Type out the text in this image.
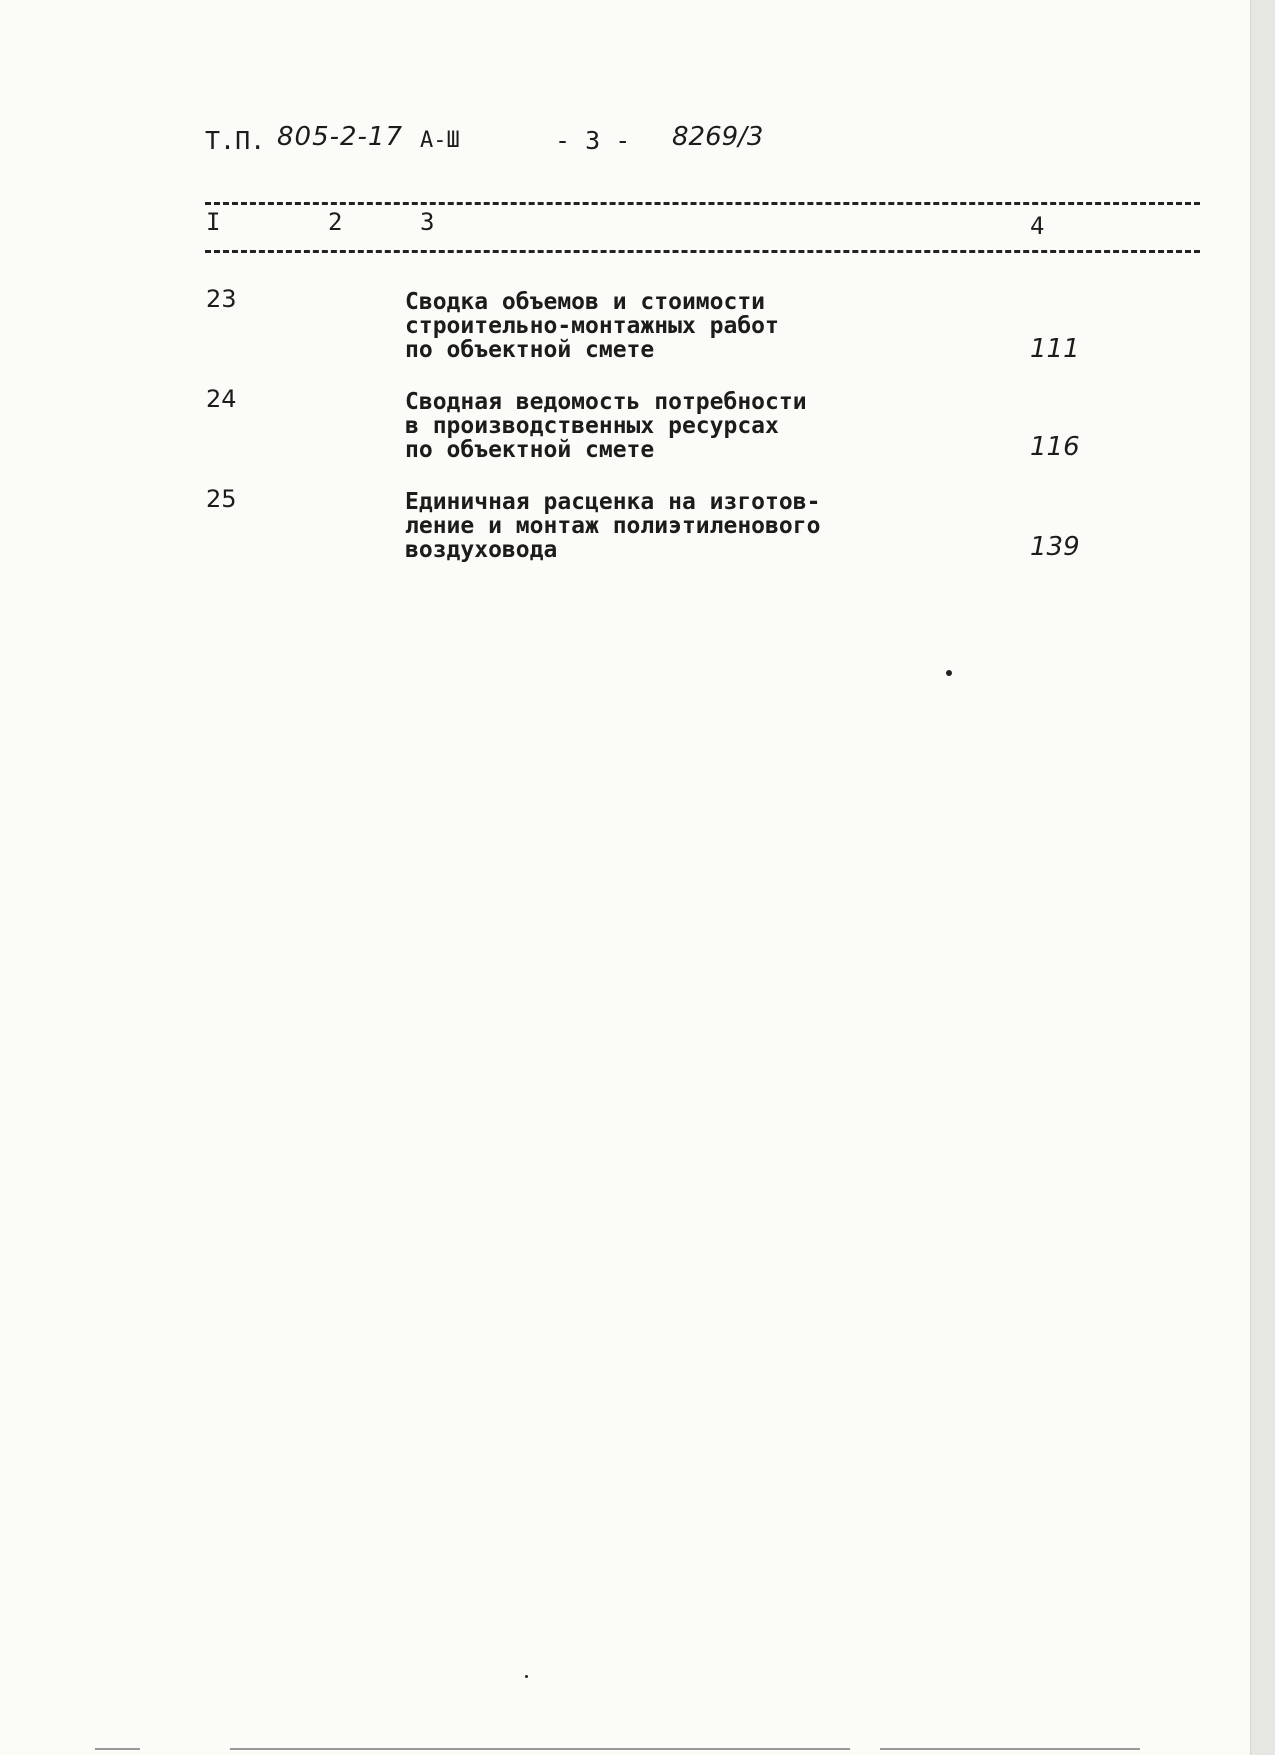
Т.П. 805-2-17 А-Ш	- 3 - 8269/3
I	2	3	4
23	Сводка объемов и стоимости
строительно-монтажных работ
по объектной смете	111
24	Сводная ведомость потребности
в производственных ресурсах
по объектной смете	116
25	Единичная расценка на изготов-
ление и монтаж полиэтиленового
воздуховода	139
